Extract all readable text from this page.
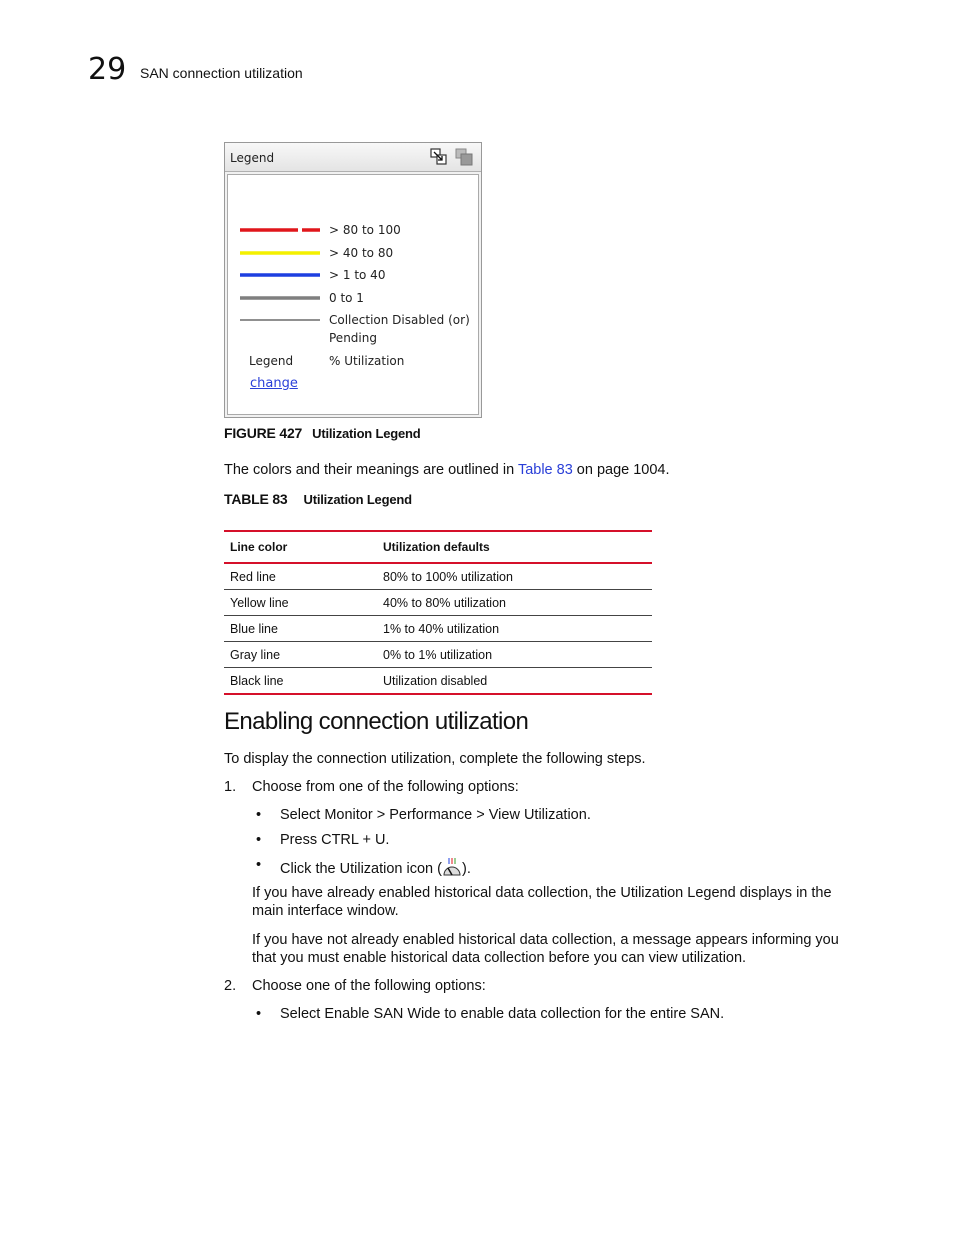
29 SAN connection utilization
Legend
> 80 to 100
> 40 to 80
> 1 to 40
0 to 1
Collection Disabled (or)
Pending
Legend	% Utilization
change
FIGURE 427 Utilization Legend
The colors and their meanings are outlined in Table 83 on page 1004.
TABLE 83 Utilization Legend
Line color	Utilization defaults
Red line	80% to 100% utilization
Yellow line	40% to 80% utilization
Blue line	1% to 40% utilization
Gray line	0% to 1% utilization
Black line	Utilization disabled
Enabling connection utilization
To display the connection utilization, complete the following steps.
1. Choose from one of the following options:
• Select Monitor > Performance > View Utilization.
• Press CTRL + U.
• Click the Utilization icon ( ).
If you have already enabled historical data collection, the Utilization Legend displays in the
main interface window.
If you have not already enabled historical data collection, a message appears informing you
that you must enable historical data collection before you can view utilization.
2. Choose one of the following options:
• Select Enable SAN Wide to enable data collection for the entire SAN.
